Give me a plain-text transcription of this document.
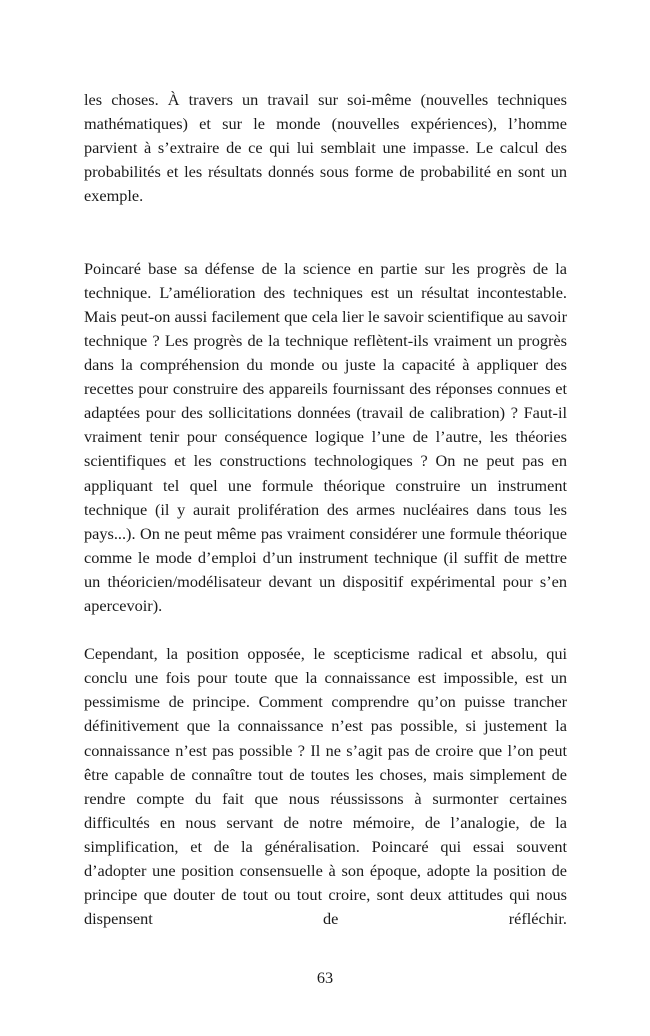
les choses. À travers un travail sur soi-même (nouvelles techniques mathématiques) et sur le monde (nouvelles expériences), l’homme parvient à s’extraire de ce qui lui semblait une impasse. Le calcul des probabilités et les résultats donnés sous forme de probabilité en sont un exemple.

Poincaré base sa défense de la science en partie sur les progrès de la technique. L’amélioration des techniques est un résultat incontestable. Mais peut-on aussi facilement que cela lier le savoir scientifique au savoir technique ? Les progrès de la technique reflètent-ils vraiment un progrès dans la compréhension du monde ou juste la capacité à appliquer des recettes pour construire des appareils fournissant des réponses connues et adaptées pour des sollicitations données (travail de calibration) ? Faut-il vraiment tenir pour conséquence logique l’une de l’autre, les théories scientifiques et les constructions technologiques ? On ne peut pas en appliquant tel quel une formule théorique construire un instrument technique (il y aurait prolifération des armes nucléaires dans tous les pays...). On ne peut même pas vraiment considérer une formule théorique comme le mode d’emploi d’un instrument technique (il suffit de mettre un théoricien/modélisateur devant un dispositif expérimental pour s’en apercevoir).

Cependant, la position opposée, le scepticisme radical et absolu, qui conclu une fois pour toute que la connaissance est impossible, est un pessimisme de principe. Comment comprendre qu’on puisse trancher définitivement que la connaissance n’est pas possible, si justement la connaissance n’est pas possible ? Il ne s’agit pas de croire que l’on peut être capable de connaître tout de toutes les choses, mais simplement de rendre compte du fait que nous réussissons à surmonter certaines difficultés en nous servant de notre mémoire, de l’analogie, de la simplification, et de la généralisation. Poincaré qui essai souvent d’adopter une position consensuelle à son époque, adopte la position de principe que douter de tout ou tout croire, sont deux attitudes qui nous dispensent de réfléchir.

63
